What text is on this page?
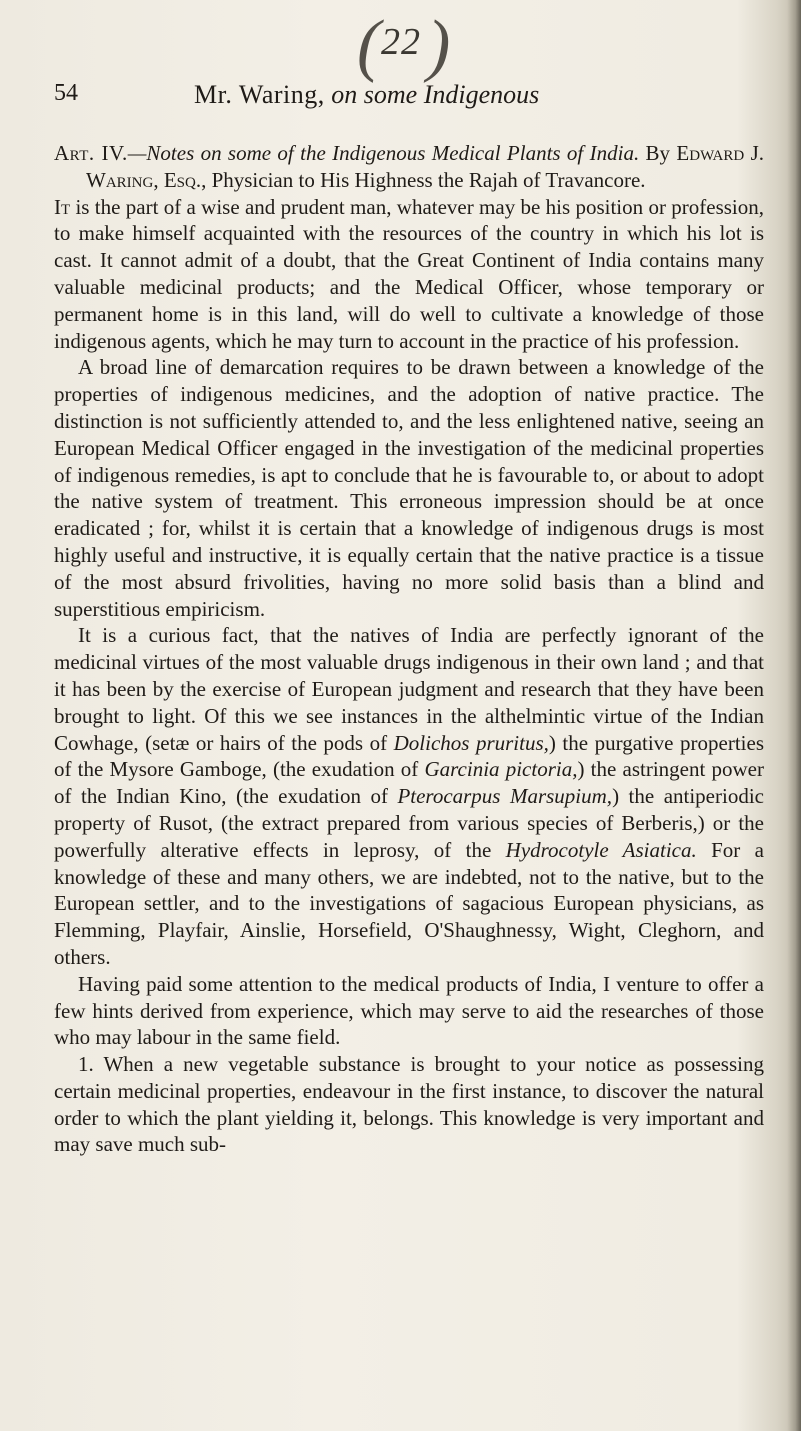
( 22 )
54	Mr. Waring, on some Indigenous

Art. IV.—Notes on some of the Indigenous Medical Plants of India. By Edward J. Waring, Esq., Physician to His Highness the Rajah of Travancore.

It is the part of a wise and prudent man, whatever may be his position or profession, to make himself acquainted with the resources of the country in which his lot is cast. It cannot admit of a doubt, that the Great Continent of India contains many valuable medicinal products; and the Medical Officer, whose temporary or permanent home is in this land, will do well to cultivate a knowledge of those indigenous agents, which he may turn to account in the practice of his profession.

A broad line of demarcation requires to be drawn between a knowledge of the properties of indigenous medicines, and the adoption of native practice. The distinction is not sufficiently attended to, and the less enlightened native, seeing an European Medical Officer engaged in the investigation of the medicinal properties of indigenous remedies, is apt to conclude that he is favourable to, or about to adopt the native system of treatment. This erroneous impression should be at once eradicated ; for, whilst it is certain that a knowledge of indigenous drugs is most highly useful and instructive, it is equally certain that the native practice is a tissue of the most absurd frivolities, having no more solid basis than a blind and superstitious empiricism.

It is a curious fact, that the natives of India are perfectly ignorant of the medicinal virtues of the most valuable drugs indigenous in their own land ; and that it has been by the exercise of European judgment and research that they have been brought to light. Of this we see instances in the althelmintic virtue of the Indian Cowhage, (setæ or hairs of the pods of Dolichos pruritus,) the purgative properties of the Mysore Gamboge, (the exudation of Garcinia pictoria,) the astringent power of the Indian Kino, (the exudation of Pterocarpus Marsupium,) the antiperiodic property of Rusot, (the extract prepared from various species of Berberis,) or the powerfully alterative effects in leprosy, of the Hydrocotyle Asiatica. For a knowledge of these and many others, we are indebted, not to the native, but to the European settler, and to the investigations of sagacious European physicians, as Flemming, Playfair, Ainslie, Horsefield, O'Shaughnessy, Wight, Cleghorn, and others.

Having paid some attention to the medical products of India, I venture to offer a few hints derived from experience, which may serve to aid the researches of those who may labour in the same field.

1. When a new vegetable substance is brought to your notice as possessing certain medicinal properties, endeavour in the first instance, to discover the natural order to which the plant yielding it, belongs. This knowledge is very important and may save much sub-
